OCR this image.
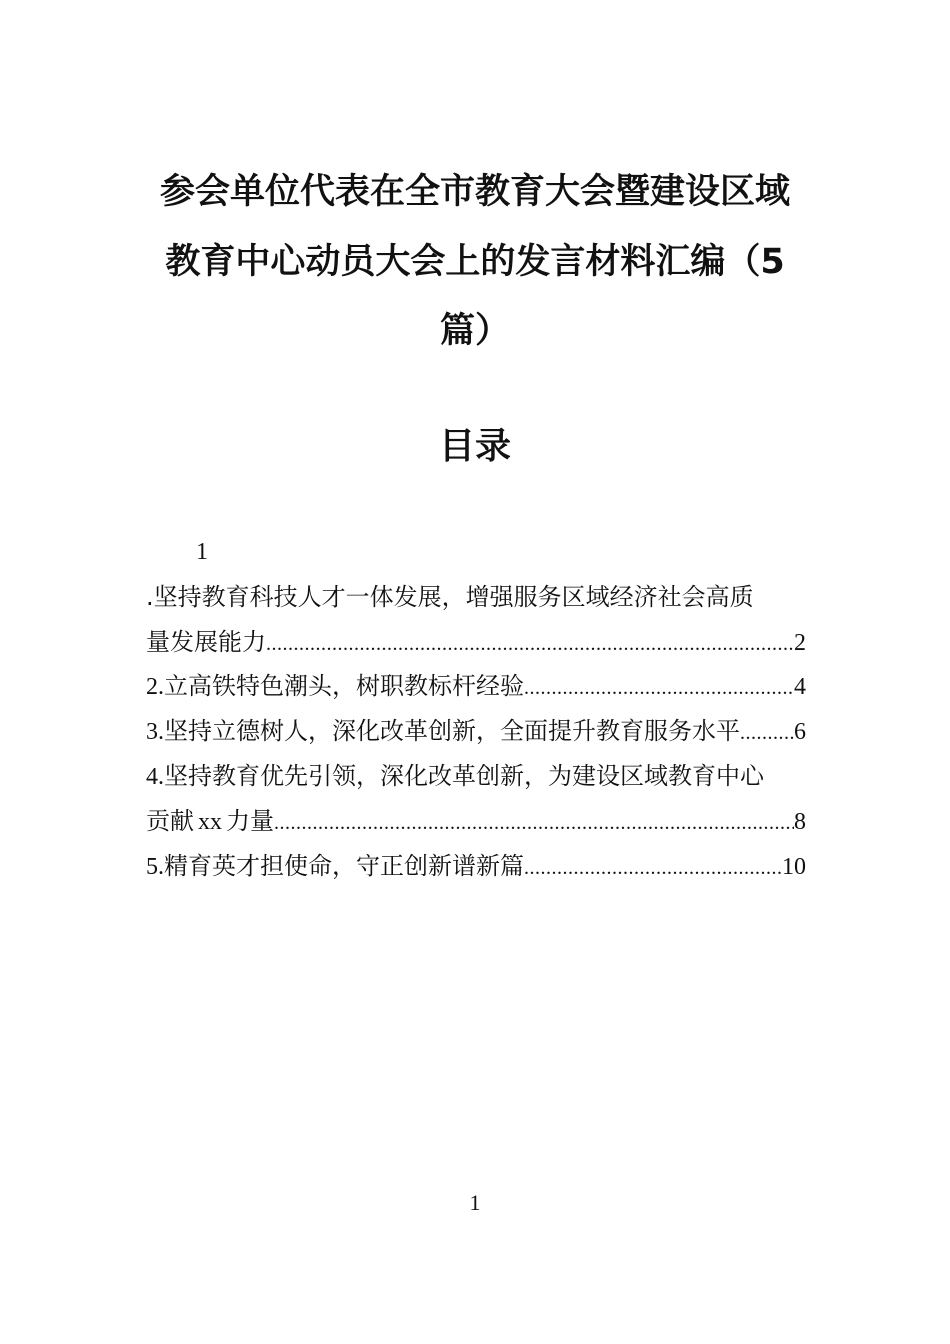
参会单位代表在全市教育大会暨建设区域
教育中心动员大会上的发言材料汇编（5
篇）
目录
1
.坚持教育科技人才一体发展，增强服务区域经济社会高质
量发展能力 .....	2
2. 立高铁特色潮头，树职教标杆经验 .....	4
3. 坚持立德树人，深化改革创新，全面提升教育服务水平 ..... 6
4. 坚持教育优先引领，深化改革创新，为建设区域教育中心
贡献 xx 力量 .....	8
5. 精育英才担使命，守正创新谱新篇 .....	10
1
